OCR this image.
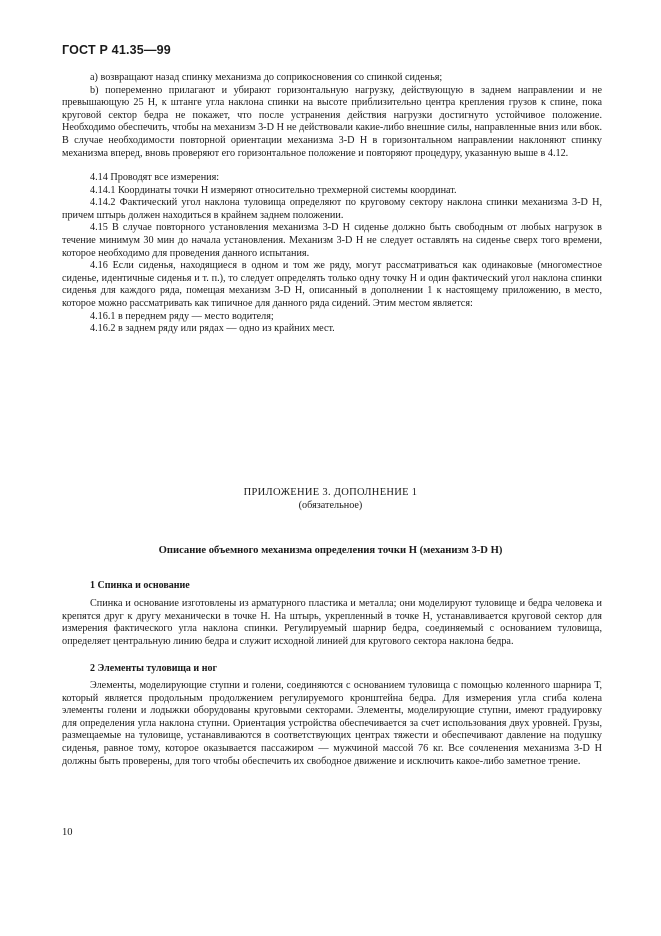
ГОСТ Р 41.35—99

а) возвращают назад спинку механизма до соприкосновения со спинкой сиденья;

b) попеременно прилагают и убирают горизонтальную нагрузку, действующую в заднем направлении и не превышающую 25 Н, к штанге угла наклона спинки на высоте приблизительно центра крепления грузов к спине, пока круговой сектор бедра не покажет, что после устранения действия нагрузки достигнуто устойчивое положение. Необходимо обеспечить, чтобы на механизм 3-D Н не действовали какие-либо внешние силы, направленные вниз или вбок. В случае необходимости повторной ориентации механизма 3-D Н в горизонтальном направлении наклоняют спинку механизма вперед, вновь проверяют его горизонтальное положение и повторяют процедуру, указанную выше в 4.12.

4.14 Проводят все измерения:

4.14.1 Координаты точки Н измеряют относительно трехмерной системы координат.

4.14.2 Фактический угол наклона туловища определяют по круговому сектору наклона спинки механизма 3-D Н, причем штырь должен находиться в крайнем заднем положении.

4.15 В случае повторного установления механизма 3-D Н сиденье должно быть свободным от любых нагрузок в течение минимум 30 мин до начала установления. Механизм 3-D Н не следует оставлять на сиденье сверх того времени, которое необходимо для проведения данного испытания.

4.16 Если сиденья, находящиеся в одном и том же ряду, могут рассматриваться как одинаковые (многоместное сиденье, идентичные сиденья и т. п.), то следует определять только одну точку Н и один фактический угол наклона спинки сиденья для каждого ряда, помещая механизм 3-D Н, описанный в дополнении 1 к настоящему приложению, в место, которое можно рассматривать как типичное для данного ряда сидений. Этим местом является:

4.16.1 в переднем ряду — место водителя;

4.16.2 в заднем ряду или рядах — одно из крайних мест.

ПРИЛОЖЕНИЕ 3. ДОПОЛНЕНИЕ 1
(обязательное)
Описание объемного механизма определения точки Н (механизм 3-D Н)
1 Спинка и основание

Спинка и основание изготовлены из арматурного пластика и металла; они моделируют туловище и бедра человека и крепятся друг к другу механически в точке Н. На штырь, укрепленный в точке Н, устанавливается круговой сектор для измерения фактического угла наклона спинки. Регулируемый шарнир бедра, соединяемый с основанием туловища, определяет центральную линию бедра и служит исходной линией для кругового сектора наклона бедра.

2 Элементы туловища и ног

Элементы, моделирующие ступни и голени, соединяются с основанием туловища с помощью коленного шарнира Т, который является продольным продолжением регулируемого кронштейна бедра. Для измерения угла сгиба колена элементы голени и лодыжки оборудованы круговыми секторами. Элементы, моделирующие ступни, имеют градуировку для определения угла наклона ступни. Ориентация устройства обеспечивается за счет использования двух уровней. Грузы, размещаемые на туловище, устанавливаются в соответствующих центрах тяжести и обеспечивают давление на подушку сиденья, равное тому, которое оказывается пассажиром — мужчиной массой 76 кг. Все сочленения механизма 3-D Н должны быть проверены, для того чтобы обеспечить их свободное движение и исключить какое-либо заметное трение.

10
